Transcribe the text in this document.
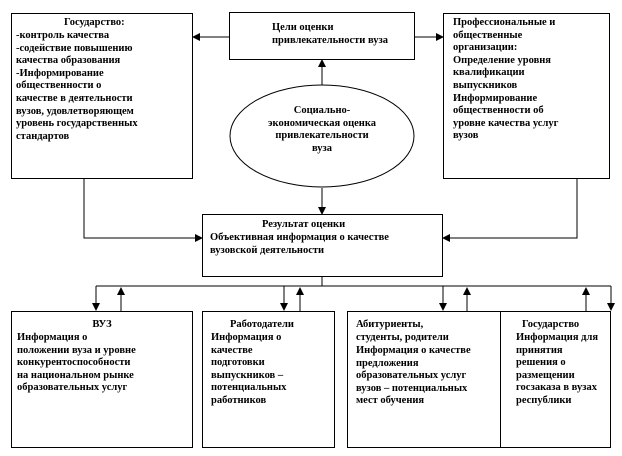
Цели оценки
привлекательности вуза
Государство:
-контроль качества
-содействие повышению
качества образования
-Информирование
общественности о
качестве в деятельности
вузов, удовлетворяющем
уровень государственных
стандартов
Профессиональные и
общественные
организации:
Определение уровня
квалификации
выпускников
Информирование
общественности об
уровне качества услуг
вузов
Социально-
экономическая оценка
привлекательности
вуза
Результат оценки
Объективная информация о качестве
вузовской деятельности
ВУЗ
Информация о
положении вуза и уровне
конкурентоспособности
на национальном рынке
образовательных услуг
Работодатели
Информация о
качестве
подготовки
выпускников –
потенциальных
работников
Абитуриенты,
студенты, родители
Информация о качестве
предложения
образовательных услуг
вузов – потенциальных
мест обучения
Государство
Информация для
принятия
решения о
размещении
госзаказа в вузах
республики
